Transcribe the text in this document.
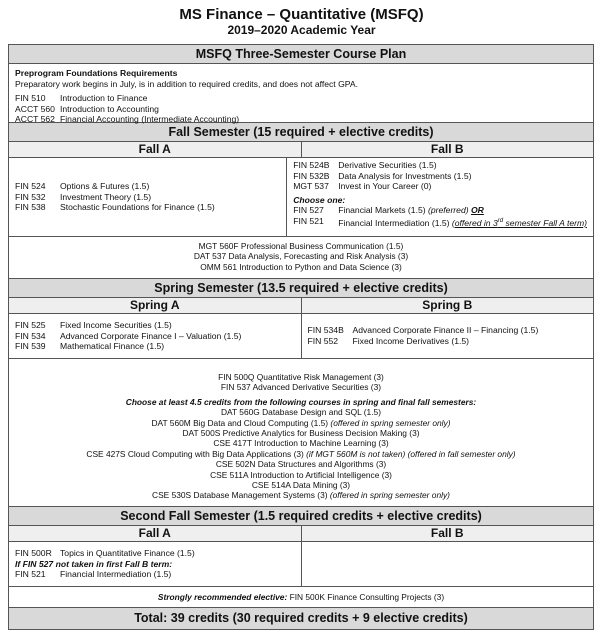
MS Finance – Quantitative (MSFQ)
2019–2020 Academic Year
MSFQ Three-Semester Course Plan
Preprogram Foundations Requirements
Preparatory work begins in July, is in addition to required credits, and does not affect GPA.
FIN 510	Introduction to Finance
ACCT 560 Introduction to Accounting
ACCT 562 Financial Accounting (Intermediate Accounting)
Fall Semester (15 required + elective credits)
Fall A	Fall B
FIN 524	Options & Futures (1.5)
FIN 532	Investment Theory (1.5)
FIN 538	Stochastic Foundations for Finance (1.5)
FIN 524B	Derivative Securities (1.5)
FIN 532B	Data Analysis for Investments (1.5)
MGT 537	Invest in Your Career (0)
Choose one:
FIN 527	Financial Markets (1.5) (preferred) OR
FIN 521	Financial Intermediation (1.5) (offered in 3rd semester Fall A term)
MGT 560F Professional Business Communication (1.5)
DAT 537 Data Analysis, Forecasting and Risk Analysis (3)
OMM 561 Introduction to Python and Data Science (3)
Spring Semester (13.5 required + elective credits)
Spring A	Spring B
FIN 525	Fixed Income Securities (1.5)
FIN 534	Advanced Corporate Finance I – Valuation (1.5)
FIN 539	Mathematical Finance (1.5)
FIN 534B	Advanced Corporate Finance II – Financing (1.5)
FIN 552	Fixed Income Derivatives (1.5)
FIN 500Q Quantitative Risk Management (3)
FIN 537 Advanced Derivative Securities (3)
Choose at least 4.5 credits from the following courses in spring and final fall semesters:
DAT 560G Database Design and SQL (1.5)
DAT 560M Big Data and Cloud Computing (1.5) (offered in spring semester only)
DAT 500S Predictive Analytics for Business Decision Making (3)
CSE 417T Introduction to Machine Learning (3)
CSE 427S Cloud Computing with Big Data Applications (3) (if MGT 560M is not taken) (offered in fall semester only)
CSE 502N Data Structures and Algorithms (3)
CSE 511A Introduction to Artificial Intelligence (3)
CSE 514A Data Mining (3)
CSE 530S Database Management Systems (3) (offered in spring semester only)
Second Fall Semester (1.5 required credits + elective credits)
Fall A	Fall B
FIN 500R Topics in Quantitative Finance (1.5)
If FIN 527 not taken in first Fall B term:
FIN 521	Financial Intermediation (1.5)
Strongly recommended elective: FIN 500K Finance Consulting Projects (3)
Total: 39 credits (30 required credits + 9 elective credits)
